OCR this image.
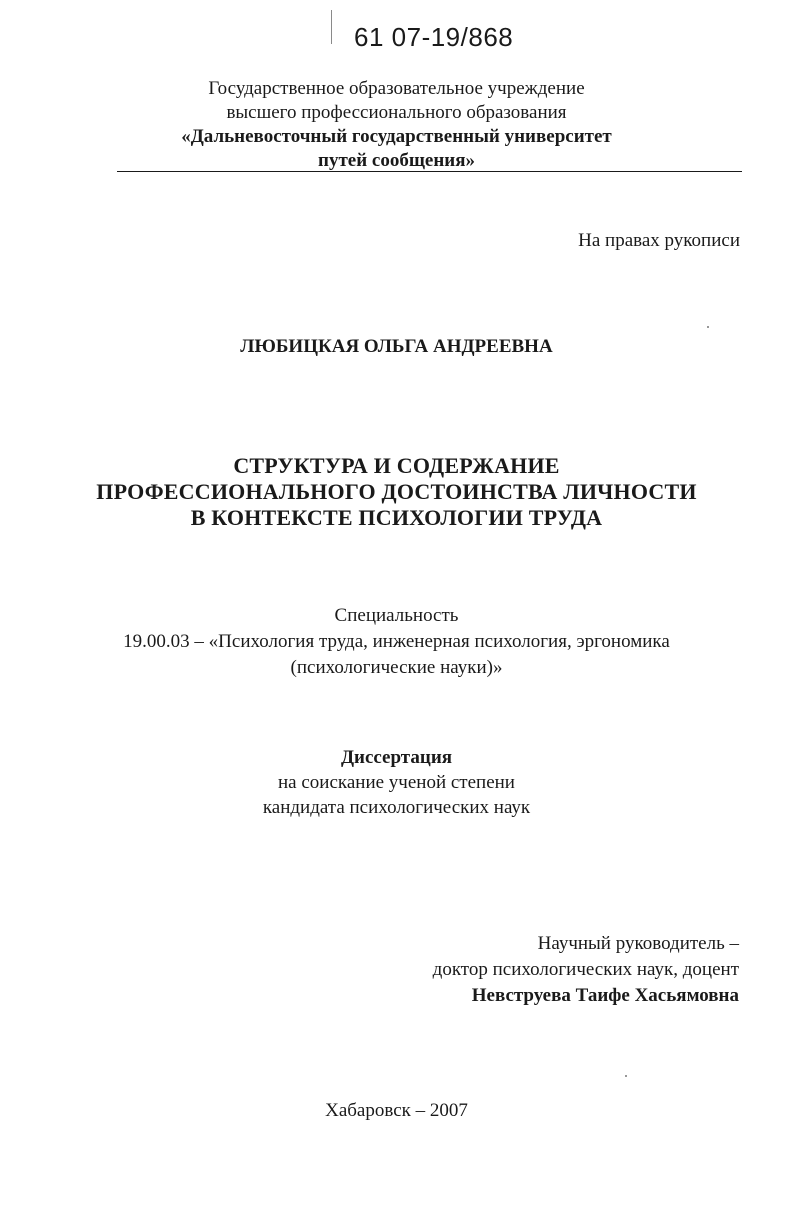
61 07-19/868
Государственное образовательное учреждение
высшего профессионального образования
«Дальневосточный государственный университет
путей сообщения»
На правах рукописи
ЛЮБИЦКАЯ ОЛЬГА АНДРЕЕВНА
СТРУКТУРА И СОДЕРЖАНИЕ
ПРОФЕССИОНАЛЬНОГО ДОСТОИНСТВА ЛИЧНОСТИ
В КОНТЕКСТЕ ПСИХОЛОГИИ ТРУДА
Специальность
19.00.03 – «Психология труда, инженерная психология, эргономика
(психологические науки)»
Диссертация
на соискание ученой степени
кандидата психологических наук
Научный руководитель –
доктор психологических наук, доцент
Невструева Таифе Хасьямовна
Хабаровск – 2007
